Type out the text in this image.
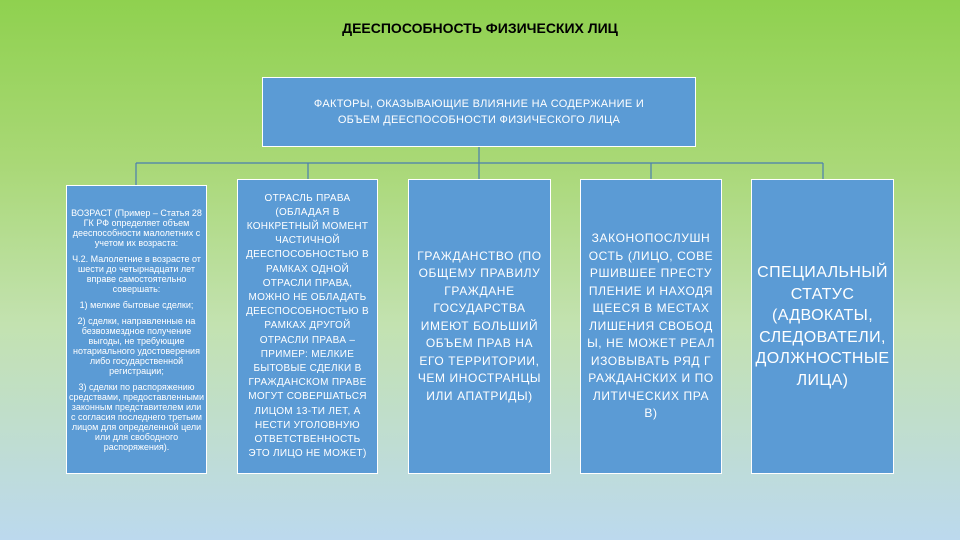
ДЕЕСПОСОБНОСТЬ ФИЗИЧЕСКИХ ЛИЦ
ФАКТОРЫ, ОКАЗЫВАЮЩИЕ ВЛИЯНИЕ НА СОДЕРЖАНИЕ И
ОБЪЕМ ДЕЕСПОСОБНОСТИ ФИЗИЧЕСКОГО ЛИЦА

ВОЗРАСТ (Пример – Статья 28 ГК РФ определяет объем дееспособности малолетних с учетом их возраста:

Ч.2. Малолетние в возрасте от шести до четырнадцати лет вправе самостоятельно совершать:

1) мелкие бытовые сделки;

2) сделки, направленные на безвозмездное получение выгоды, не требующие нотариального удостоверения либо государственной регистрации;

3) сделки по распоряжению средствами, предоставленными законным представителем или с согласия последнего третьим лицом для определенной цели или для свободного распоряжения).

ОТРАСЛЬ ПРАВА (ОБЛАДАЯ В КОНКРЕТНЫЙ МОМЕНТ ЧАСТИЧНОЙ ДЕЕСПОСОБНОСТЬЮ В РАМКАХ ОДНОЙ ОТРАСЛИ ПРАВА, МОЖНО НЕ ОБЛАДАТЬ ДЕЕСПОСОБНОСТЬЮ В РАМКАХ ДРУГОЙ ОТРАСЛИ ПРАВА – ПРИМЕР: МЕЛКИЕ БЫТОВЫЕ СДЕЛКИ В ГРАЖДАНСКОМ ПРАВЕ МОГУТ СОВЕРШАТЬСЯ ЛИЦОМ 13-ТИ ЛЕТ, А НЕСТИ УГОЛОВНУЮ ОТВЕТСТВЕННОСТЬ ЭТО ЛИЦО НЕ МОЖЕТ)
ГРАЖДАНСТВО (ПО ОБЩЕМУ ПРАВИЛУ ГРАЖДАНЕ ГОСУДАРСТВА ИМЕЮТ БОЛЬШИЙ ОБЪЕМ ПРАВ НА ЕГО ТЕРРИТОРИИ, ЧЕМ ИНОСТРАНЦЫ ИЛИ АПАТРИДЫ)
ЗАКОНОПОСЛУШНОСТЬ (ЛИЦО, СОВЕРШИВШЕЕ ПРЕСТУПЛЕНИЕ И НАХОДЯЩЕЕСЯ В МЕСТАХ ЛИШЕНИЯ СВОБОДЫ, НЕ МОЖЕТ РЕАЛИЗОВЫВАТЬ РЯД ГРАЖДАНСКИХ И ПОЛИТИЧЕСКИХ ПРАВ)
СПЕЦИАЛЬНЫЙ СТАТУС (АДВОКАТЫ, СЛЕДОВАТЕЛИ, ДОЛЖНОСТНЫЕ ЛИЦА)
